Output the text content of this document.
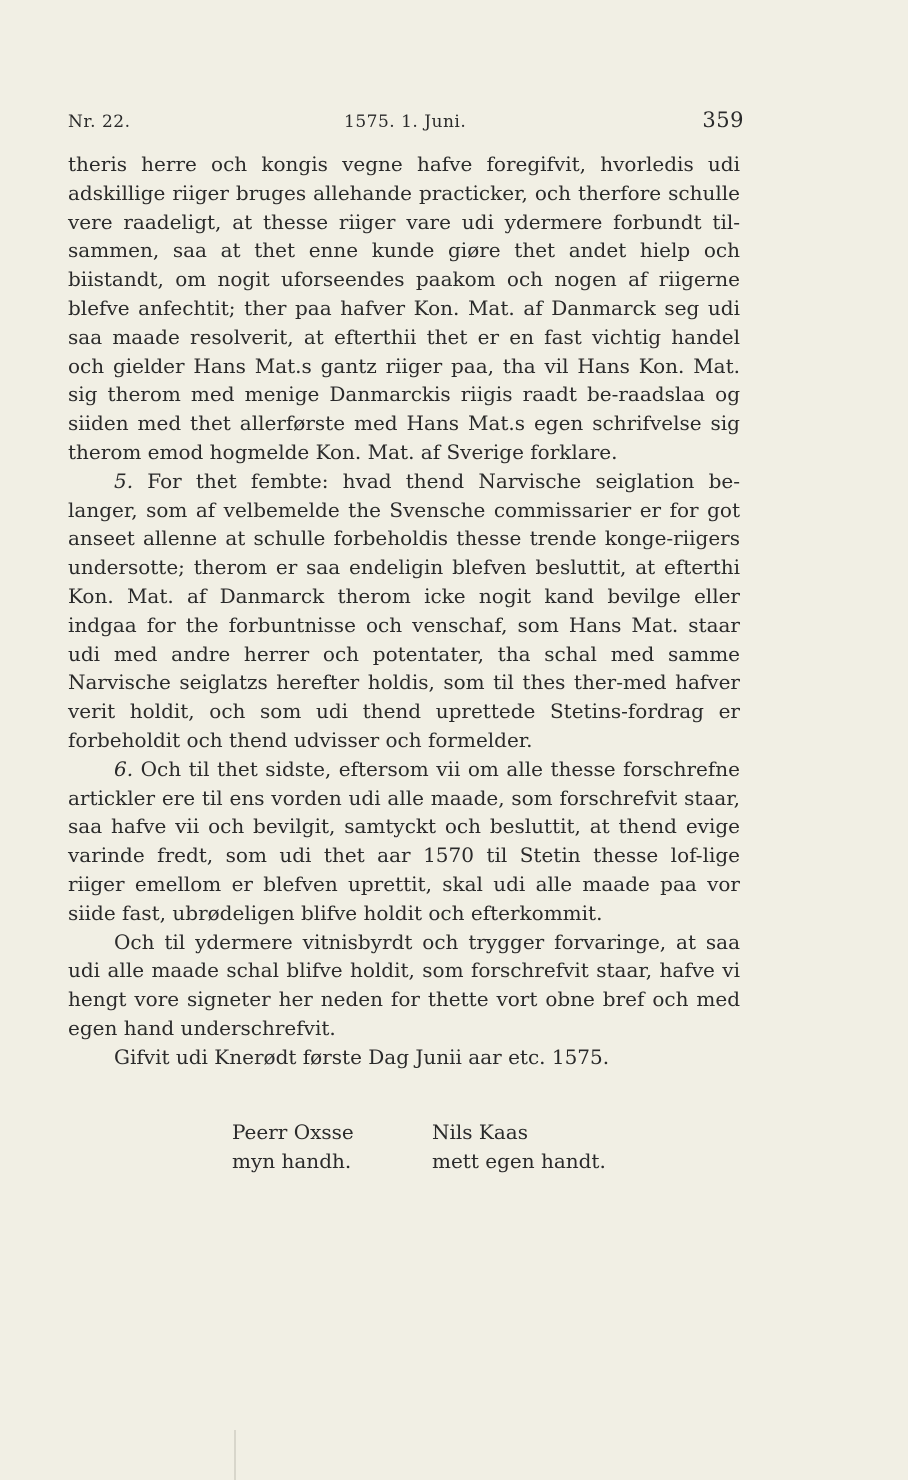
Nr. 22.	1575. 1. Juni.	359

theris herre och kongis vegne hafve foregifvit, hvorledis udi adskillige riiger bruges allehande practicker, och therfore schulle vere raadeligt, at thesse riiger vare udi ydermere forbundt til-sammen, saa at thet enne kunde giøre thet andet hielp och biistandt, om nogit uforseendes paakom och nogen af riigerne blefve anfechtit; ther paa hafver Kon. Mat. af Danmarck seg udi saa maade resolverit, at efterthii thet er en fast vichtig handel och gielder Hans Mat.s gantz riiger paa, tha vil Hans Kon. Mat. sig therom med menige Danmarckis riigis raadt be-raadslaa og siiden med thet allerførste med Hans Mat.s egen schrifvelse sig therom emod hogmelde Kon. Mat. af Sverige forklare.

5. For thet fembte: hvad thend Narvische seiglation be-langer, som af velbemelde the Svensche commissarier er for got anseet allenne at schulle forbeholdis thesse trende konge-riigers undersotte; therom er saa endeligin blefven besluttit, at efterthi Kon. Mat. af Danmarck therom icke nogit kand bevilge eller indgaa for the forbuntnisse och venschaf, som Hans Mat. staar udi med andre herrer och potentater, tha schal med samme Narvische seiglatzs herefter holdis, som til thes ther-med hafver verit holdit, och som udi thend uprettede Stetins-fordrag er forbeholdit och thend udvisser och formelder.

6. Och til thet sidste, eftersom vii om alle thesse forschrefne artickler ere til ens vorden udi alle maade, som forschrefvit staar, saa hafve vii och bevilgit, samtyckt och besluttit, at thend evige varinde fredt, som udi thet aar 1570 til Stetin thesse lof-lige riiger emellom er blefven uprettit, skal udi alle maade paa vor siide fast, ubrødeligen blifve holdit och efterkommit.

Och til ydermere vitnisbyrdt och trygger forvaringe, at saa udi alle maade schal blifve holdit, som forschrefvit staar, hafve vi hengt vore signeter her neden for thette vort obne bref och med egen hand underschrefvit.

Gifvit udi Knerødt første Dag Junii aar etc. 1575.

Peerr Oxsse
myn handh.
Nils Kaas
mett egen handt.
